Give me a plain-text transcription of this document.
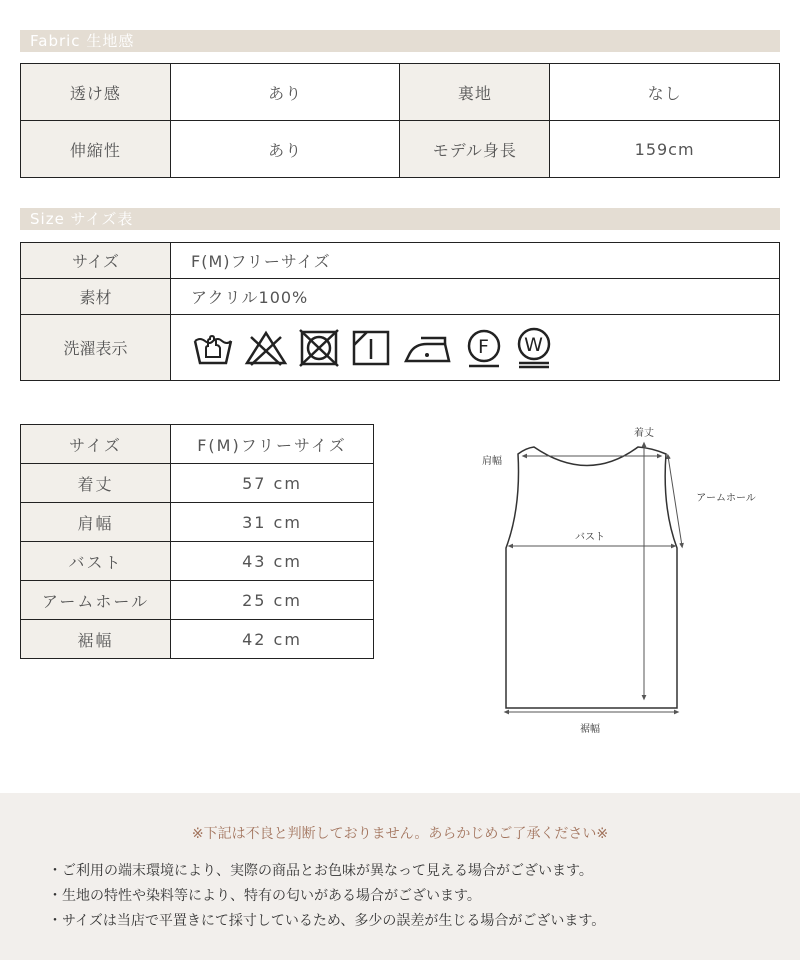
Fabric 生地感
透け感	あり	裏地	なし
伸縮性	あり	モデル身長	159cm
Size サイズ表
サイズ	F(M)フリーサイズ
素材	アクリル100%
洗濯表示	F W
サイズ	F(M)フリーサイズ
着丈	57 cm
肩幅	31 cm
バスト	43 cm
アームホール	25 cm
裾幅	42 cm
着丈
肩幅
アームホール
バスト
裾幅
※下記は不良と判断しておりません。あらかじめご了承ください※
・ご利用の端末環境により、実際の商品とお色味が異なって見える場合がございます。
・生地の特性や染料等により、特有の匂いがある場合がございます。
・サイズは当店で平置きにて採寸しているため、多少の誤差が生じる場合がございます。
